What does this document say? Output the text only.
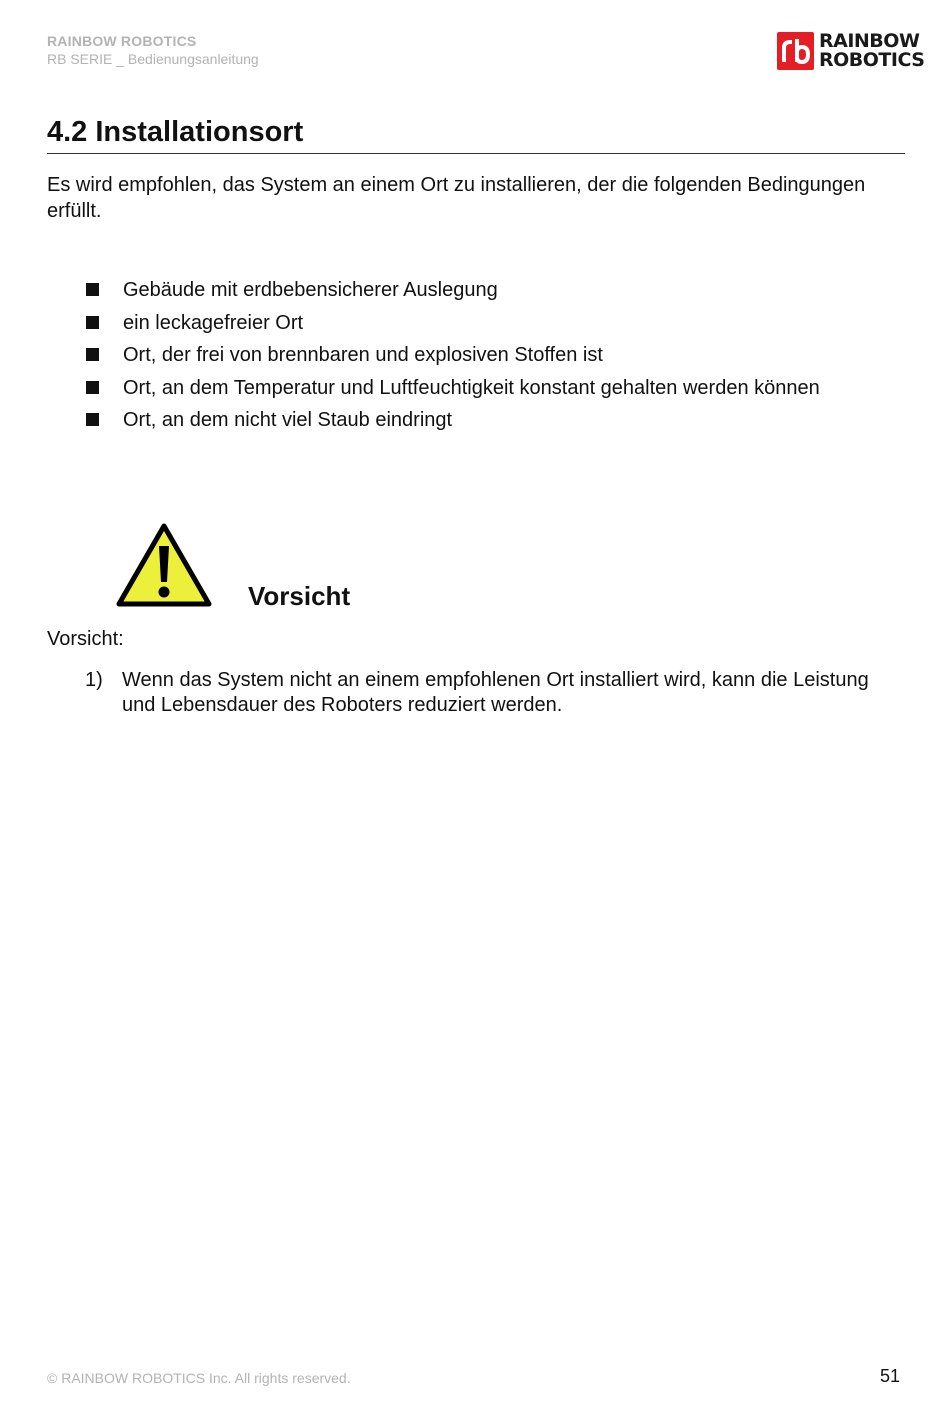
RAINBOW ROBOTICS
RB SERIE _ Bedienungsanleitung
RAINBOW
ROBOTICS
4.2 Installationsort

Es wird empfohlen, das System an einem Ort zu installieren, der die folgenden Bedingungen erfüllt.

Gebäude mit erdbebensicherer Auslegung
ein leckagefreier Ort
Ort, der frei von brennbaren und explosiven Stoffen ist
Ort, an dem Temperatur und Luftfeuchtigkeit konstant gehalten werden können
Ort, an dem nicht viel Staub eindringt
Vorsicht
Vorsicht:
1) Wenn das System nicht an einem empfohlenen Ort installiert wird, kann die Leistung und Lebensdauer des Roboters reduziert werden.
© RAINBOW ROBOTICS Inc. All rights reserved.	51
